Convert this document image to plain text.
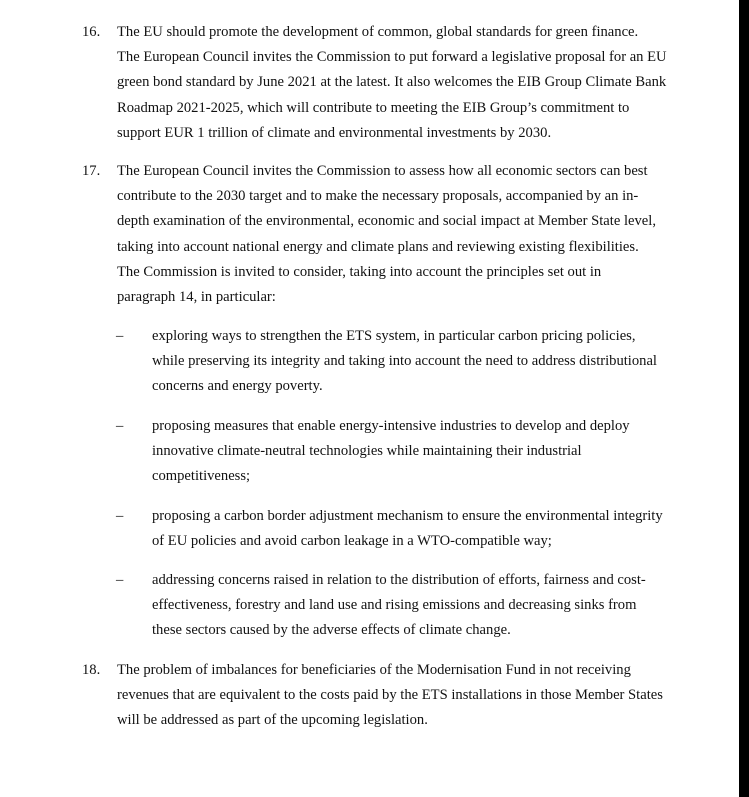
16. The EU should promote the development of common, global standards for green finance.
The European Council invites the Commission to put forward a legislative proposal for an EU
green bond standard by June 2021 at the latest. It also welcomes the EIB Group Climate Bank
Roadmap 2021-2025, which will contribute to meeting the EIB Group’s commitment to
support EUR 1 trillion of climate and environmental investments by 2030.
17. The European Council invites the Commission to assess how all economic sectors can best
contribute to the 2030 target and to make the necessary proposals, accompanied by an in-
depth examination of the environmental, economic and social impact at Member State level,
taking into account national energy and climate plans and reviewing existing flexibilities.
The Commission is invited to consider, taking into account the principles set out in
paragraph 14, in particular:
– exploring ways to strengthen the ETS system, in particular carbon pricing policies,
while preserving its integrity and taking into account the need to address distributional
concerns and energy poverty.
– proposing measures that enable energy-intensive industries to develop and deploy
innovative climate-neutral technologies while maintaining their industrial
competitiveness;
– proposing a carbon border adjustment mechanism to ensure the environmental integrity
of EU policies and avoid carbon leakage in a WTO-compatible way;
– addressing concerns raised in relation to the distribution of efforts, fairness and cost-
effectiveness, forestry and land use and rising emissions and decreasing sinks from
these sectors caused by the adverse effects of climate change.
18. The problem of imbalances for beneficiaries of the Modernisation Fund in not receiving
revenues that are equivalent to the costs paid by the ETS installations in those Member States
will be addressed as part of the upcoming legislation.
